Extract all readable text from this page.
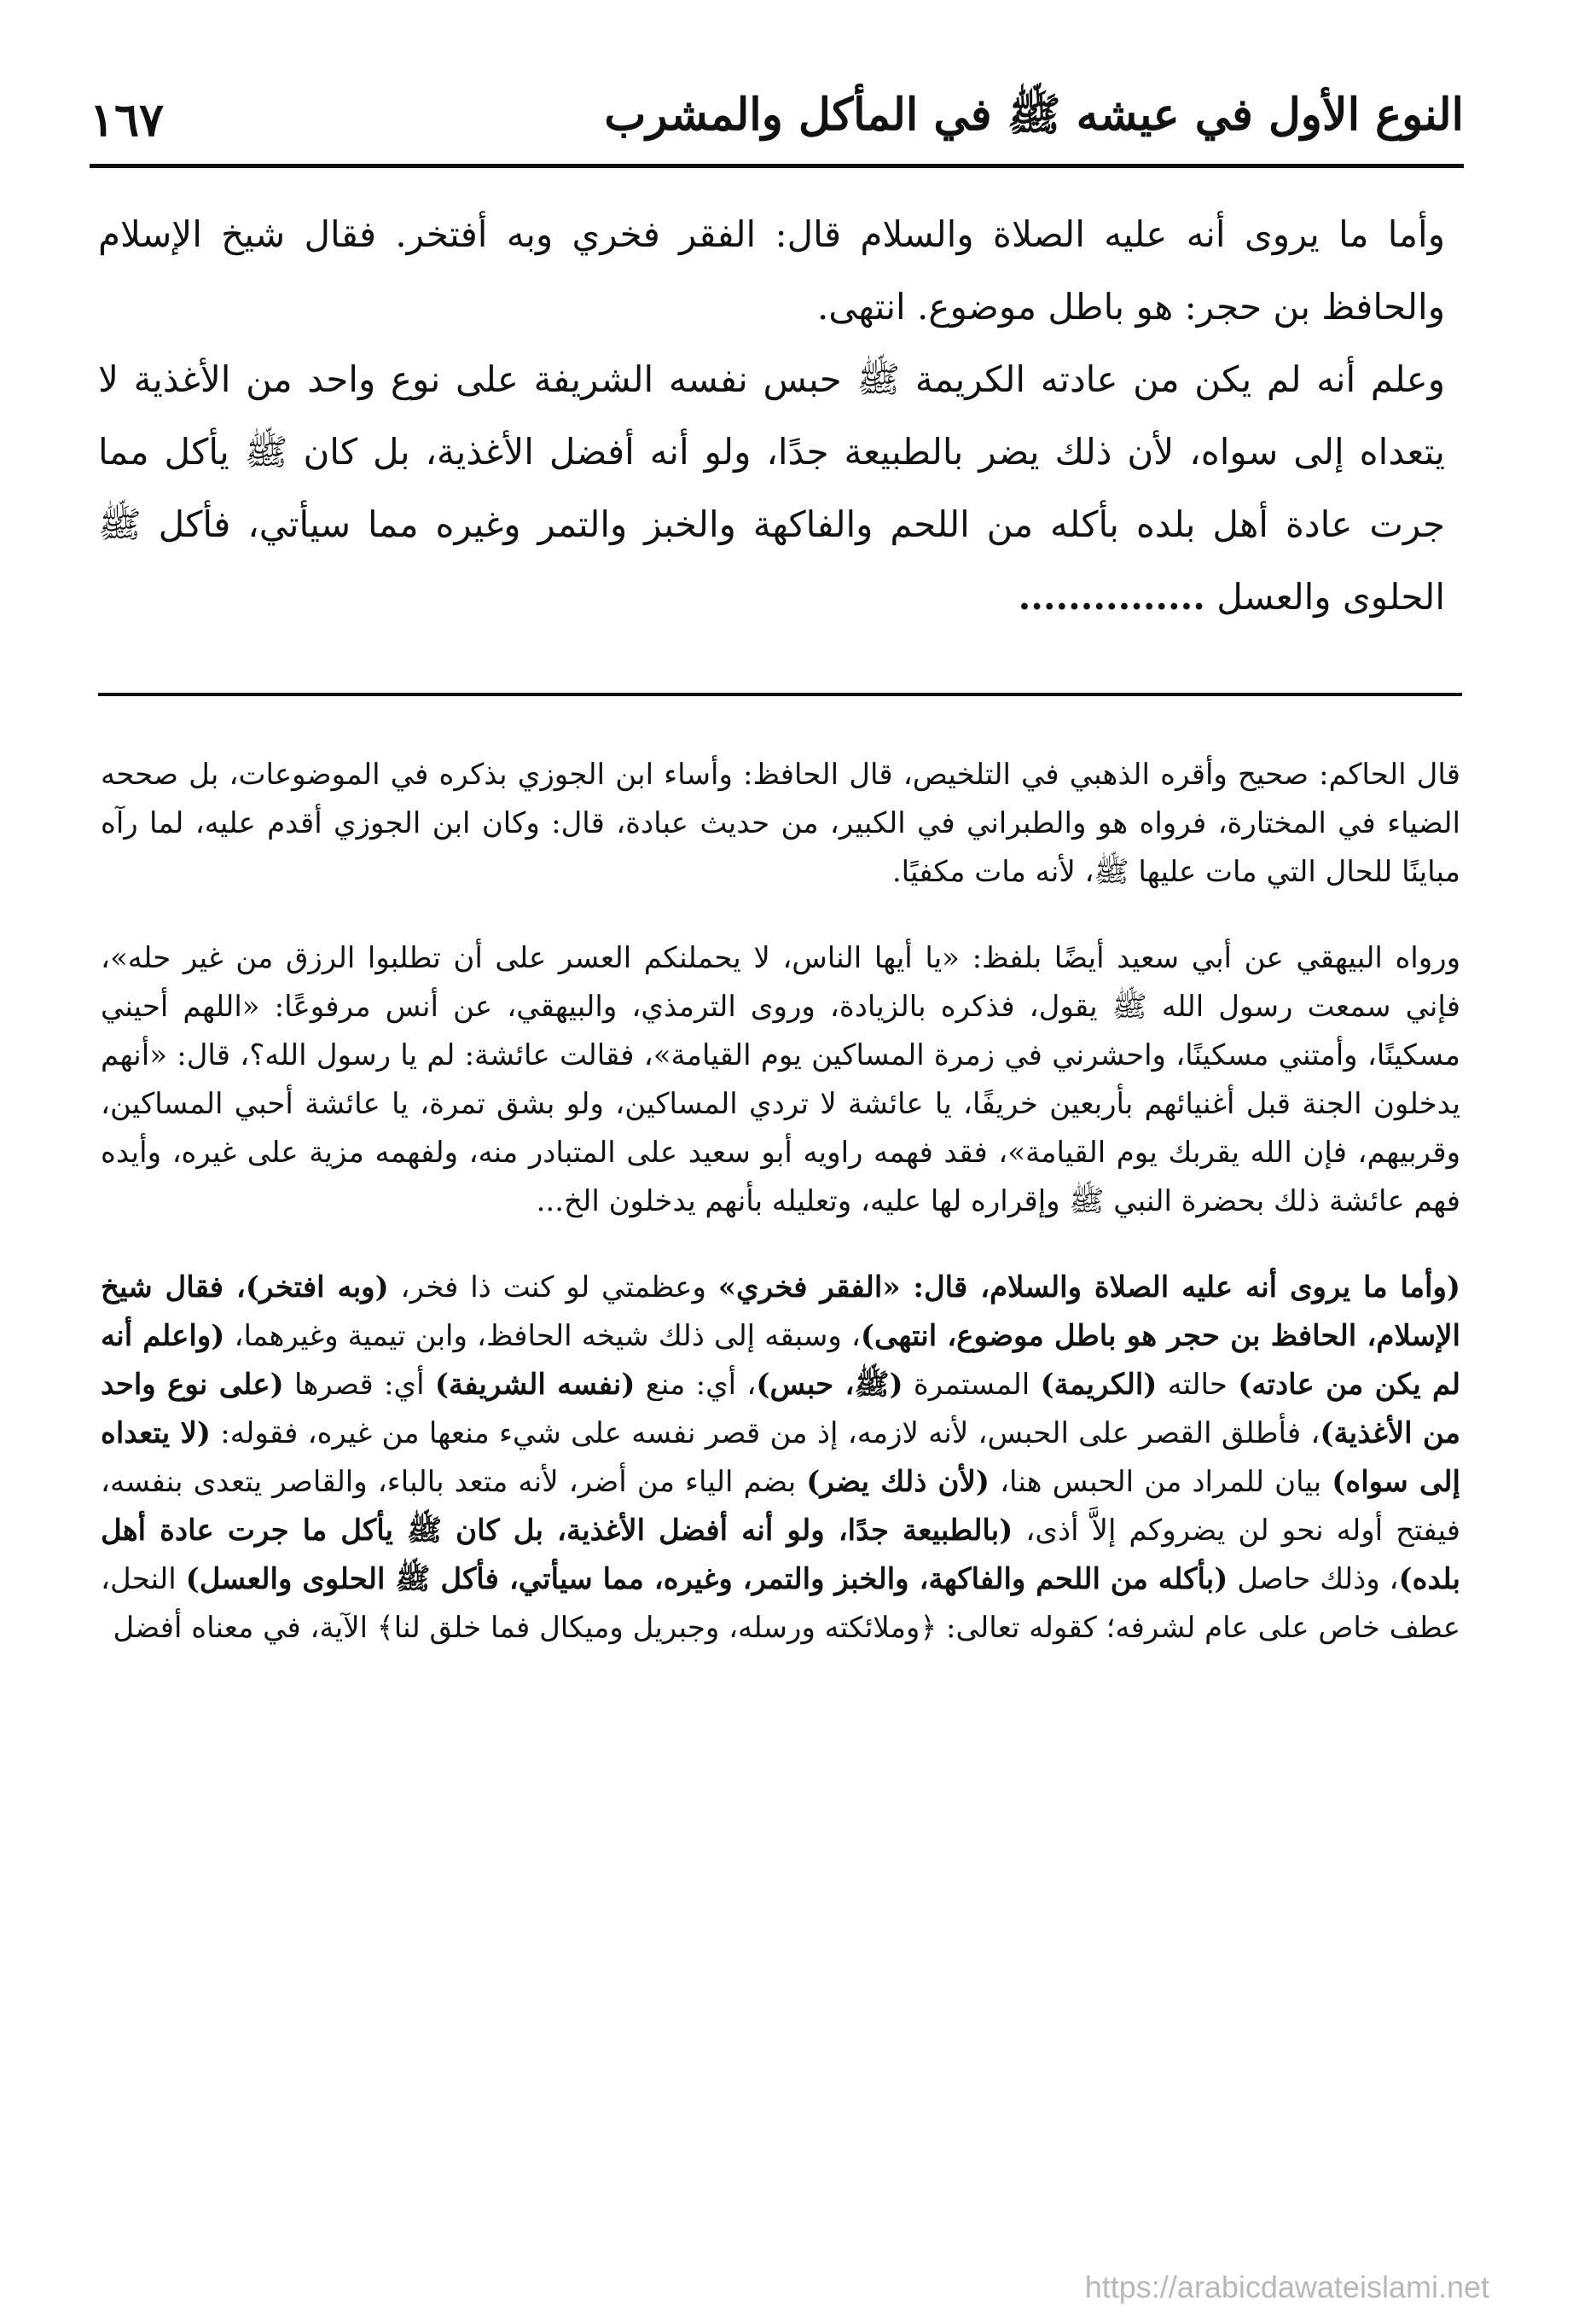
النوع الأول في عيشه ﷺ في المأكل والمشرب
١٦٧

وأما ما يروى أنه عليه الصلاة والسلام قال: الفقر فخري وبه أفتخر. فقال شيخ الإسلام والحافظ بن حجر: هو باطل موضوع. انتهى.

وعلم أنه لم يكن من عادته الكريمة ﷺ حبس نفسه الشريفة على نوع واحد من الأغذية لا يتعداه إلى سواه، لأن ذلك يضر بالطبيعة جدًا، ولو أنه أفضل الأغذية، بل كان ﷺ يأكل مما جرت عادة أهل بلده بأكله من اللحم والفاكهة والخبز والتمر وغيره مما سيأتي، فأكل ﷺ الحلوى والعسل ...............

قال الحاكم: صحيح وأقره الذهبي في التلخيص، قال الحافظ: وأساء ابن الجوزي بذكره في الموضوعات، بل صححه الضياء في المختارة، فرواه هو والطبراني في الكبير، من حديث عبادة، قال: وكان ابن الجوزي أقدم عليه، لما رآه مباينًا للحال التي مات عليها ﷺ، لأنه مات مكفيًا.

ورواه البيهقي عن أبي سعيد أيضًا بلفظ: «يا أيها الناس، لا يحملنكم العسر على أن تطلبوا الرزق من غير حله»، فإني سمعت رسول الله ﷺ يقول، فذكره بالزيادة، وروى الترمذي، والبيهقي، عن أنس مرفوعًا: «اللهم أحيني مسكينًا، وأمتني مسكينًا، واحشرني في زمرة المساكين يوم القيامة»، فقالت عائشة: لم يا رسول الله؟، قال: «أنهم يدخلون الجنة قبل أغنيائهم بأربعين خريفًا، يا عائشة لا تردي المساكين، ولو بشق تمرة، يا عائشة أحبي المساكين، وقربيهم، فإن الله يقربك يوم القيامة»، فقد فهمه راويه أبو سعيد على المتبادر منه، ولفهمه مزية على غيره، وأيده فهم عائشة ذلك بحضرة النبي ﷺ وإقراره لها عليه، وتعليله بأنهم يدخلون الخ...

(وأما ما يروى أنه عليه الصلاة والسلام، قال: «الفقر فخري» وعظمتي لو كنت ذا فخر، (وبه افتخر)، فقال شيخ الإسلام، الحافظ بن حجر هو باطل موضوع، انتهى)، وسبقه إلى ذلك شيخه الحافظ، وابن تيمية وغيرهما، (واعلم أنه لم يكن من عادته) حالته (الكريمة) المستمرة (ﷺ، حبس)، أي: منع (نفسه الشريفة) أي: قصرها (على نوع واحد من الأغذية)، فأطلق القصر على الحبس، لأنه لازمه، إذ من قصر نفسه على شيء منعها من غيره، فقوله: (لا يتعداه إلى سواه) بيان للمراد من الحبس هنا، (لأن ذلك يضر) بضم الياء من أضر، لأنه متعد بالباء، والقاصر يتعدى بنفسه، فيفتح أوله نحو لن يضروكم إلاَّ أذى، (بالطبيعة جدًا، ولو أنه أفضل الأغذية، بل كان ﷺ يأكل ما جرت عادة أهل بلده)، وذلك حاصل (بأكله من اللحم والفاكهة، والخبز والتمر، وغيره، مما سيأتي، فأكل ﷺ الحلوى والعسل) النحل، عطف خاص على عام لشرفه؛ كقوله تعالى: ﴿وملائكته ورسله، وجبريل وميكال فما خلق لنا﴾ الآية، في معناه أفضل

https://arabicdawateislami.net
